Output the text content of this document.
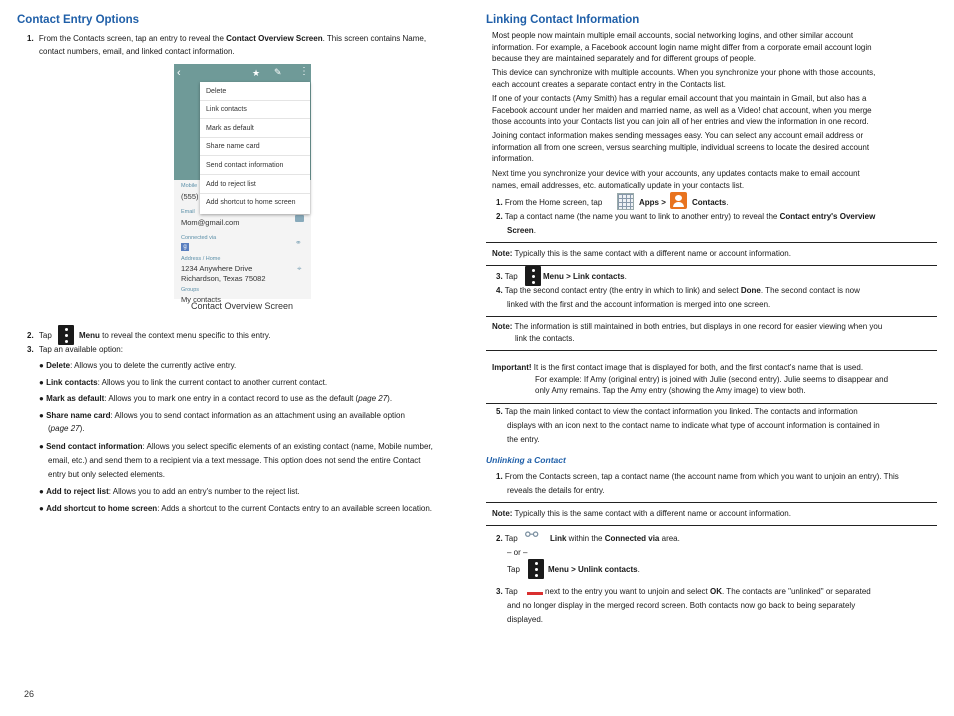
Contact Entry Options
1. From the Contacts screen, tap an entry to reveal the Contact Overview Screen. This screen contains Name,
contact numbers, email, and linked contact information.
‹	★ ✎ ⋮
Mobile
(555)
Email
Mom@gmail.com
Connected via
g	⚭
Address / Home
1234 Anywhere Drive
Richardson, Texas 75082
⌖
Groups
My contacts
Delete
Link contacts
Mark as default
Share name card
Send contact information
Add to reject list
Add shortcut to home screen
Contact Overview Screen
2. Tap	Menu to reveal the context menu specific to this entry.
3. Tap an available option:
● Delete: Allows you to delete the currently active entry.
● Link contacts: Allows you to link the current contact to another current contact.
● Mark as default: Allows you to mark one entry in a contact record to use as the default (page 27).
● Share name card: Allows you to send contact information as an attachment using an available option
(page 27).
● Send contact information: Allows you select specific elements of an existing contact (name, Mobile number,
email, etc.) and send them to a recipient via a text message. This option does not send the entire Contact
entry but only selected elements.
● Add to reject list: Allows you to add an entry's number to the reject list.
● Add shortcut to home screen: Adds a shortcut to the current Contacts entry to an available screen location.
26
Linking Contact Information
Most people now maintain multiple email accounts, social networking logins, and other similar account
information. For example, a Facebook account login name might differ from a corporate email account login
because they are maintained separately and for different groups of people.
This device can synchronize with multiple accounts. When you synchronize your phone with those accounts,
each account creates a separate contact entry in the Contacts list.
If one of your contacts (Amy Smith) has a regular email account that you maintain in Gmail, but also has a
Facebook account under her maiden and married name, as well as a Video! chat account, when you merge
those accounts into your Contacts list you can join all of her entries and view the information in one record.
Joining contact information makes sending messages easy. You can select any account email address or
information all from one screen, versus searching multiple, individual screens to locate the desired account
information.
Next time you synchronize your device with your accounts, any updates contacts make to email account
names, email addresses, etc. automatically update in your contacts list.
1. From the Home screen, tap	Apps >	Contacts.
2. Tap a contact name (the name you want to link to another entry) to reveal the Contact entry's Overview
Screen.
Note: Typically this is the same contact with a different name or account information.
3. Tap	Menu > Link contacts.
4. Tap the second contact entry (the entry in which to link) and select Done. The second contact is now
linked with the first and the account information is merged into one screen.
Note: The information is still maintained in both entries, but displays in one record for easier viewing when you
link the contacts.
Important! It is the first contact image that is displayed for both, and the first contact's name that is used.
For example: If Amy (original entry) is joined with Julie (second entry). Julie seems to disappear and
only Amy remains. Tap the Amy entry (showing the Amy image) to view both.
5. Tap the main linked contact to view the contact information you linked. The contacts and information
displays with an icon next to the contact name to indicate what type of account information is contained in
the entry.
Unlinking a Contact
1. From the Contacts screen, tap a contact name (the account name from which you want to unjoin an entry). This
reveals the details for entry.
Note: Typically this is the same contact with a different name or account information.
2. Tap ⚯ Link within the Connected via area.
– or –
Tap	Menu > Unlink contacts.
3. Tap	next to the entry you want to unjoin and select OK. The contacts are "unlinked" or separated
and no longer display in the merged record screen. Both contacts now go back to being separately
displayed.
